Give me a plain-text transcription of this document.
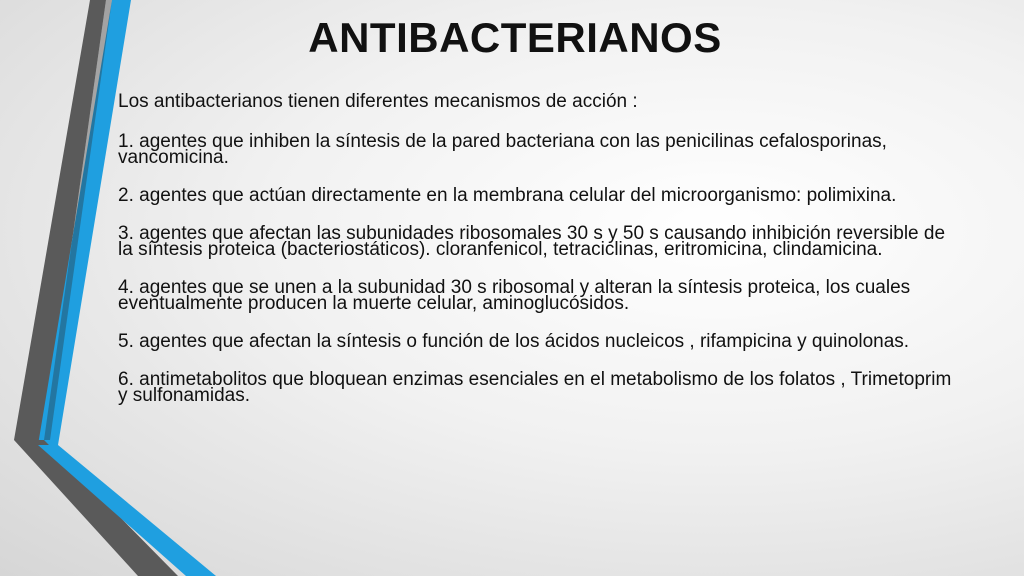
ANTIBACTERIANOS

Los antibacterianos tienen diferentes mecanismos de acción :

1. agentes que inhiben la síntesis de la pared bacteriana con las penicilinas cefalosporinas, vancomicina.

2. agentes que actúan directamente en la membrana celular del microorganismo: polimixina.

3. agentes que afectan las subunidades ribosomales 30 s y 50 s causando inhibición reversible de la síntesis proteica (bacteriostáticos). cloranfenicol, tetraciclinas, eritromicina, clindamicina.

4. agentes que se unen a la subunidad 30 s ribosomal y alteran la síntesis proteica, los cuales eventualmente producen la muerte celular, aminoglucósidos.

5. agentes que afectan la síntesis o función de los ácidos nucleicos , rifampicina y quinolonas.

6. antimetabolitos que bloquean enzimas esenciales en el metabolismo de los folatos , Trimetoprim y sulfonamidas.
